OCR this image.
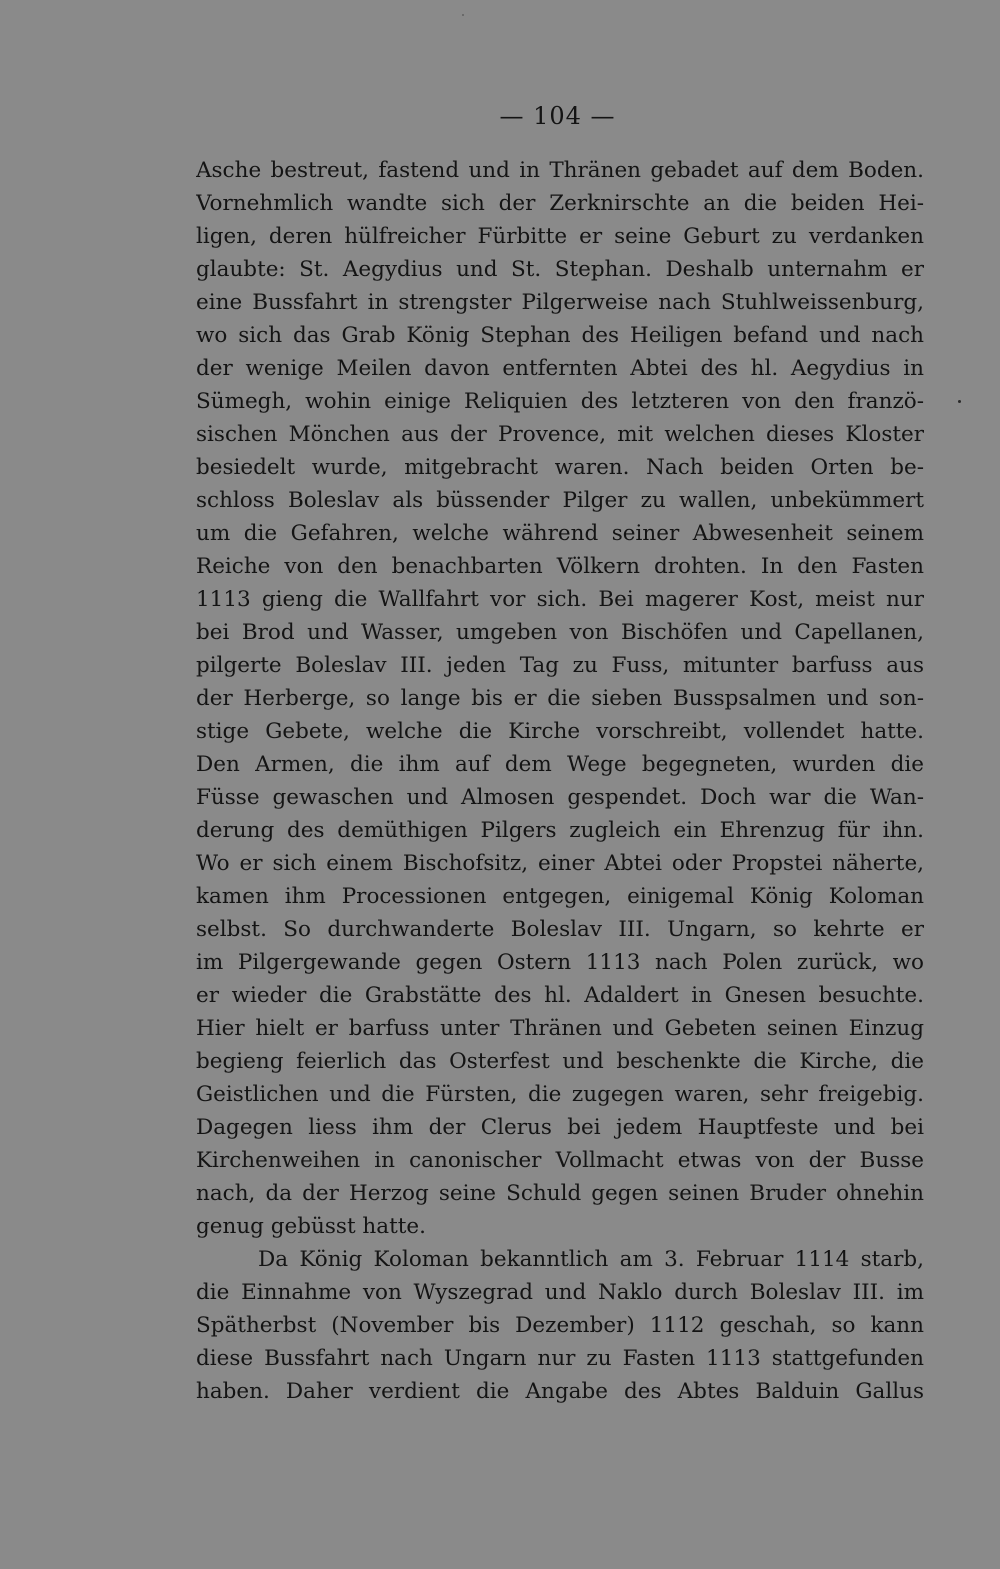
— 104 —
Asche bestreut, fastend und in Thränen gebadet auf dem Boden.
Vornehmlich wandte sich der Zerknirschte an die beiden Hei-
ligen, deren hülfreicher Fürbitte er seine Geburt zu verdanken
glaubte: St. Aegydius und St. Stephan. Deshalb unternahm er
eine Bussfahrt in strengster Pilgerweise nach Stuhlweissenburg,
wo sich das Grab König Stephan des Heiligen befand und nach
der wenige Meilen davon entfernten Abtei des hl. Aegydius in
Sümegh, wohin einige Reliquien des letzteren von den franzö-
sischen Mönchen aus der Provence, mit welchen dieses Kloster
besiedelt wurde, mitgebracht waren. Nach beiden Orten be-
schloss Boleslav als büssender Pilger zu wallen, unbekümmert
um die Gefahren, welche während seiner Abwesenheit seinem
Reiche von den benachbarten Völkern drohten. In den Fasten
1113 gieng die Wallfahrt vor sich. Bei magerer Kost, meist nur
bei Brod und Wasser, umgeben von Bischöfen und Capellanen,
pilgerte Boleslav III. jeden Tag zu Fuss, mitunter barfuss aus
der Herberge, so lange bis er die sieben Busspsalmen und son-
stige Gebete, welche die Kirche vorschreibt, vollendet hatte.
Den Armen, die ihm auf dem Wege begegneten, wurden die
Füsse gewaschen und Almosen gespendet. Doch war die Wan-
derung des demüthigen Pilgers zugleich ein Ehrenzug für ihn.
Wo er sich einem Bischofsitz, einer Abtei oder Propstei näherte,
kamen ihm Processionen entgegen, einigemal König Koloman
selbst. So durchwanderte Boleslav III. Ungarn, so kehrte er
im Pilgergewande gegen Ostern 1113 nach Polen zurück, wo
er wieder die Grabstätte des hl. Adaldert in Gnesen besuchte.
Hier hielt er barfuss unter Thränen und Gebeten seinen Einzug
begieng feierlich das Osterfest und beschenkte die Kirche, die
Geistlichen und die Fürsten, die zugegen waren, sehr freigebig.
Dagegen liess ihm der Clerus bei jedem Hauptfeste und bei
Kirchenweihen in canonischer Vollmacht etwas von der Busse
nach, da der Herzog seine Schuld gegen seinen Bruder ohnehin
genug gebüsst hatte.
Da König Koloman bekanntlich am 3. Februar 1114 starb,
die Einnahme von Wyszegrad und Naklo durch Boleslav III. im
Spätherbst (November bis Dezember) 1112 geschah, so kann
diese Bussfahrt nach Ungarn nur zu Fasten 1113 stattgefunden
haben. Daher verdient die Angabe des Abtes Balduin Gallus
